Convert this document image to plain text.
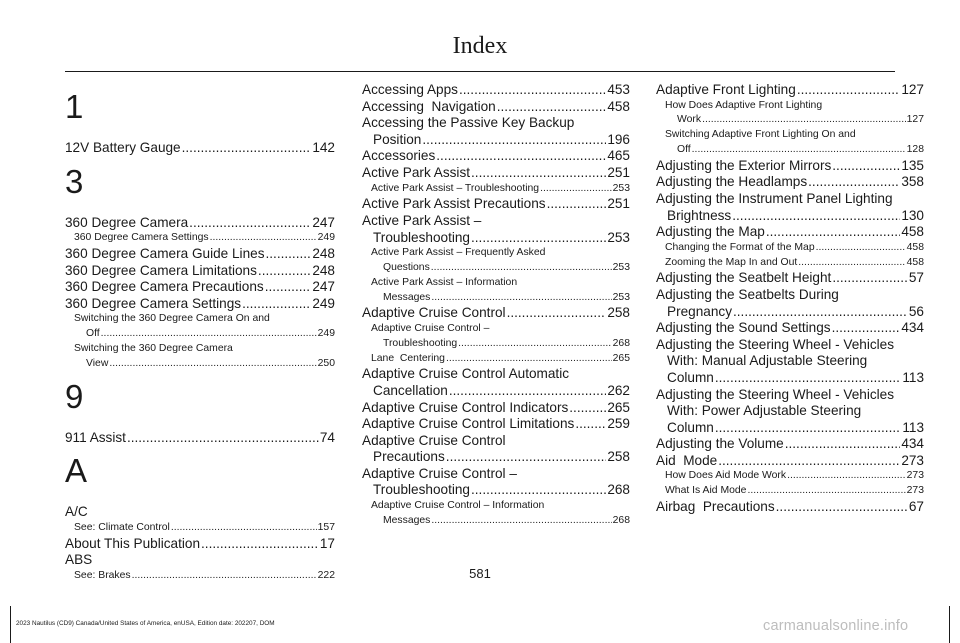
Index
1
12V Battery Gauge .....	142
3
360 Degree Camera .....	247
360 Degree Camera Settings .....	249
360 Degree Camera Guide Lines .....	248
360 Degree Camera Limitations .....	248
360 Degree Camera Precautions .....	247
360 Degree Camera Settings .....	249
Switching the 360 Degree Camera On and
Off .....	249
Switching the 360 Degree Camera
View .....	250
9
911 Assist .....	74
A
A/C
See: Climate Control .....	157
About This Publication .....	17
ABS
See: Brakes .....	222
Accessing Apps .....	453
Accessing  Navigation .....	458
Accessing the Passive Key Backup
Position .....	196
Accessories .....	465
Active Park Assist .....	251
Active Park Assist – Troubleshooting .....	253
Active Park Assist Precautions .....	251
Active Park Assist –
Troubleshooting .....	253
Active Park Assist – Frequently Asked
Questions .....	253
Active Park Assist – Information
Messages .....	253
Adaptive Cruise Control .....	258
Adaptive Cruise Control –
Troubleshooting .....	268
Lane  Centering .....	265
Adaptive Cruise Control Automatic
Cancellation .....	262
Adaptive Cruise Control Indicators .....	265
Adaptive Cruise Control Limitations ..... 259
Adaptive Cruise Control
Precautions .....	258
Adaptive Cruise Control –
Troubleshooting .....	268
Adaptive Cruise Control – Information
Messages .....	268
Adaptive Front Lighting .....	127
How Does Adaptive Front Lighting
Work .....	127
Switching Adaptive Front Lighting On and
Off .....	128
Adjusting the Exterior Mirrors .....	135
Adjusting the Headlamps .....	358
Adjusting the Instrument Panel Lighting
Brightness .....	130
Adjusting the Map .....	458
Changing the Format of the Map .....	458
Zooming the Map In and Out .....	458
Adjusting the Seatbelt Height .....	57
Adjusting the Seatbelts During
Pregnancy .....	56
Adjusting the Sound Settings .....	434
Adjusting the Steering Wheel - Vehicles
With: Manual Adjustable Steering
Column .....	113
Adjusting the Steering Wheel - Vehicles
With: Power Adjustable Steering
Column .....	113
Adjusting the Volume .....	434
Aid  Mode .....	273
How Does Aid Mode Work .....	273
What Is Aid Mode .....	273
Airbag  Precautions .....	67
581
2023 Nautilus (CD9) Canada/United States of America, enUSA, Edition date: 202207, DOM	carmanualsonline.info
